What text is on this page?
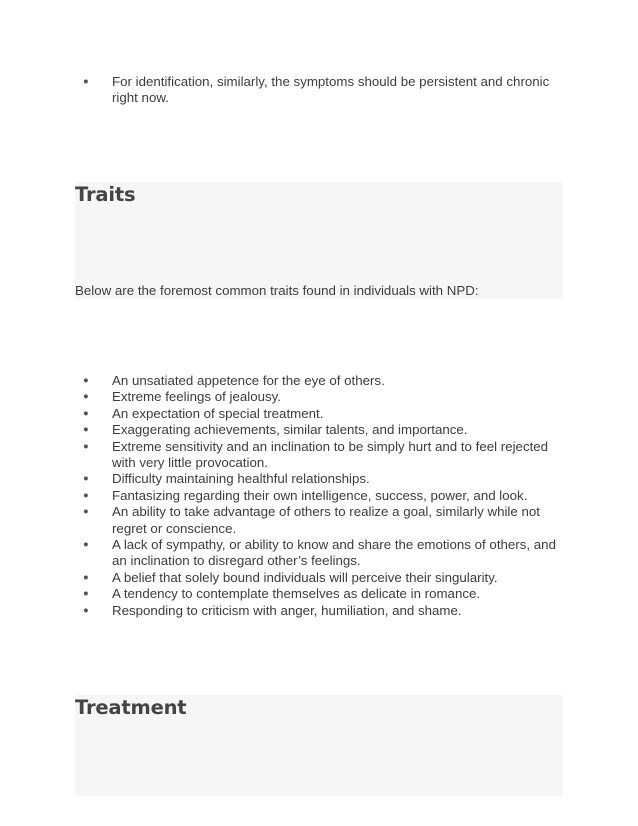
● For identification, similarly, the symptoms should be persistent and chronic right now.
Traits

Below are the foremost common traits found in individuals with NPD:

● An unsatiated appetence for the eye of others.
● Extreme feelings of jealousy.
● An expectation of special treatment.
● Exaggerating achievements, similar talents, and importance.
● Extreme sensitivity and an inclination to be simply hurt and to feel rejected with very little provocation.
● Difficulty maintaining healthful relationships.
● Fantasizing regarding their own intelligence, success, power, and look.
● An ability to take advantage of others to realize a goal, similarly while not regret or conscience.
● A lack of sympathy, or ability to know and share the emotions of others, and an inclination to disregard other’s feelings.
● A belief that solely bound individuals will perceive their singularity.
● A tendency to contemplate themselves as delicate in romance.
● Responding to criticism with anger, humiliation, and shame.
Treatment
